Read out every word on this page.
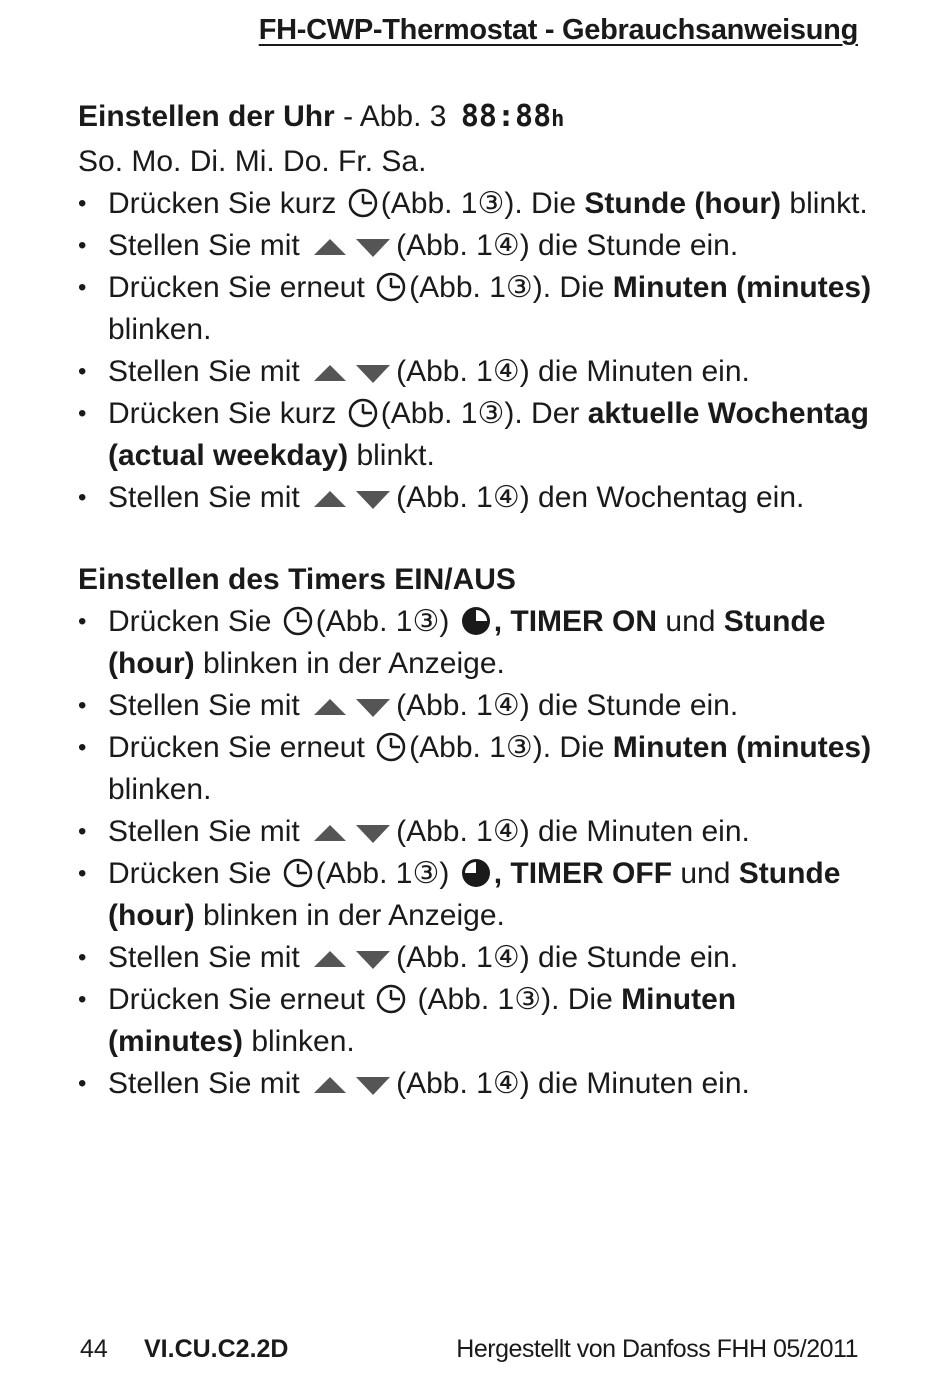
FH-CWP-Thermostat - Gebrauchsanweisung

Einstellen der Uhr - Abb. 3 88:88h

So. Mo. Di. Mi. Do. Fr. Sa.

• Drücken Sie kurz (Abb. 1③). Die Stunde (hour) blinkt.
• Stellen Sie mit	(Abb. 1④) die Stunde ein.
• Drücken Sie erneut (Abb. 1③). Die Minuten (minutes) blinken.
• Stellen Sie mit	(Abb. 1④) die Minuten ein.
• Drücken Sie kurz (Abb. 1③). Der aktuelle Wochentag (actual weekday) blinkt.
• Stellen Sie mit	(Abb. 1④) den Wochentag ein.

Einstellen des Timers EIN/AUS

• Drücken Sie (Abb. 1③) , TIMER ON und Stunde (hour) blinken in der Anzeige.
• Stellen Sie mit	(Abb. 1④) die Stunde ein.
• Drücken Sie erneut (Abb. 1③). Die Minuten (minutes) blinken.
• Stellen Sie mit	(Abb. 1④) die Minuten ein.
• Drücken Sie (Abb. 1③) , TIMER OFF und Stunde (hour) blinken in der Anzeige.
• Stellen Sie mit	(Abb. 1④) die Stunde ein.
• Drücken Sie erneut  (Abb. 1③). Die Minuten (minutes) blinken.
• Stellen Sie mit	(Abb. 1④) die Minuten ein.
44 VI.CU.C2.2D	Hergestellt von Danfoss FHH 05/2011
